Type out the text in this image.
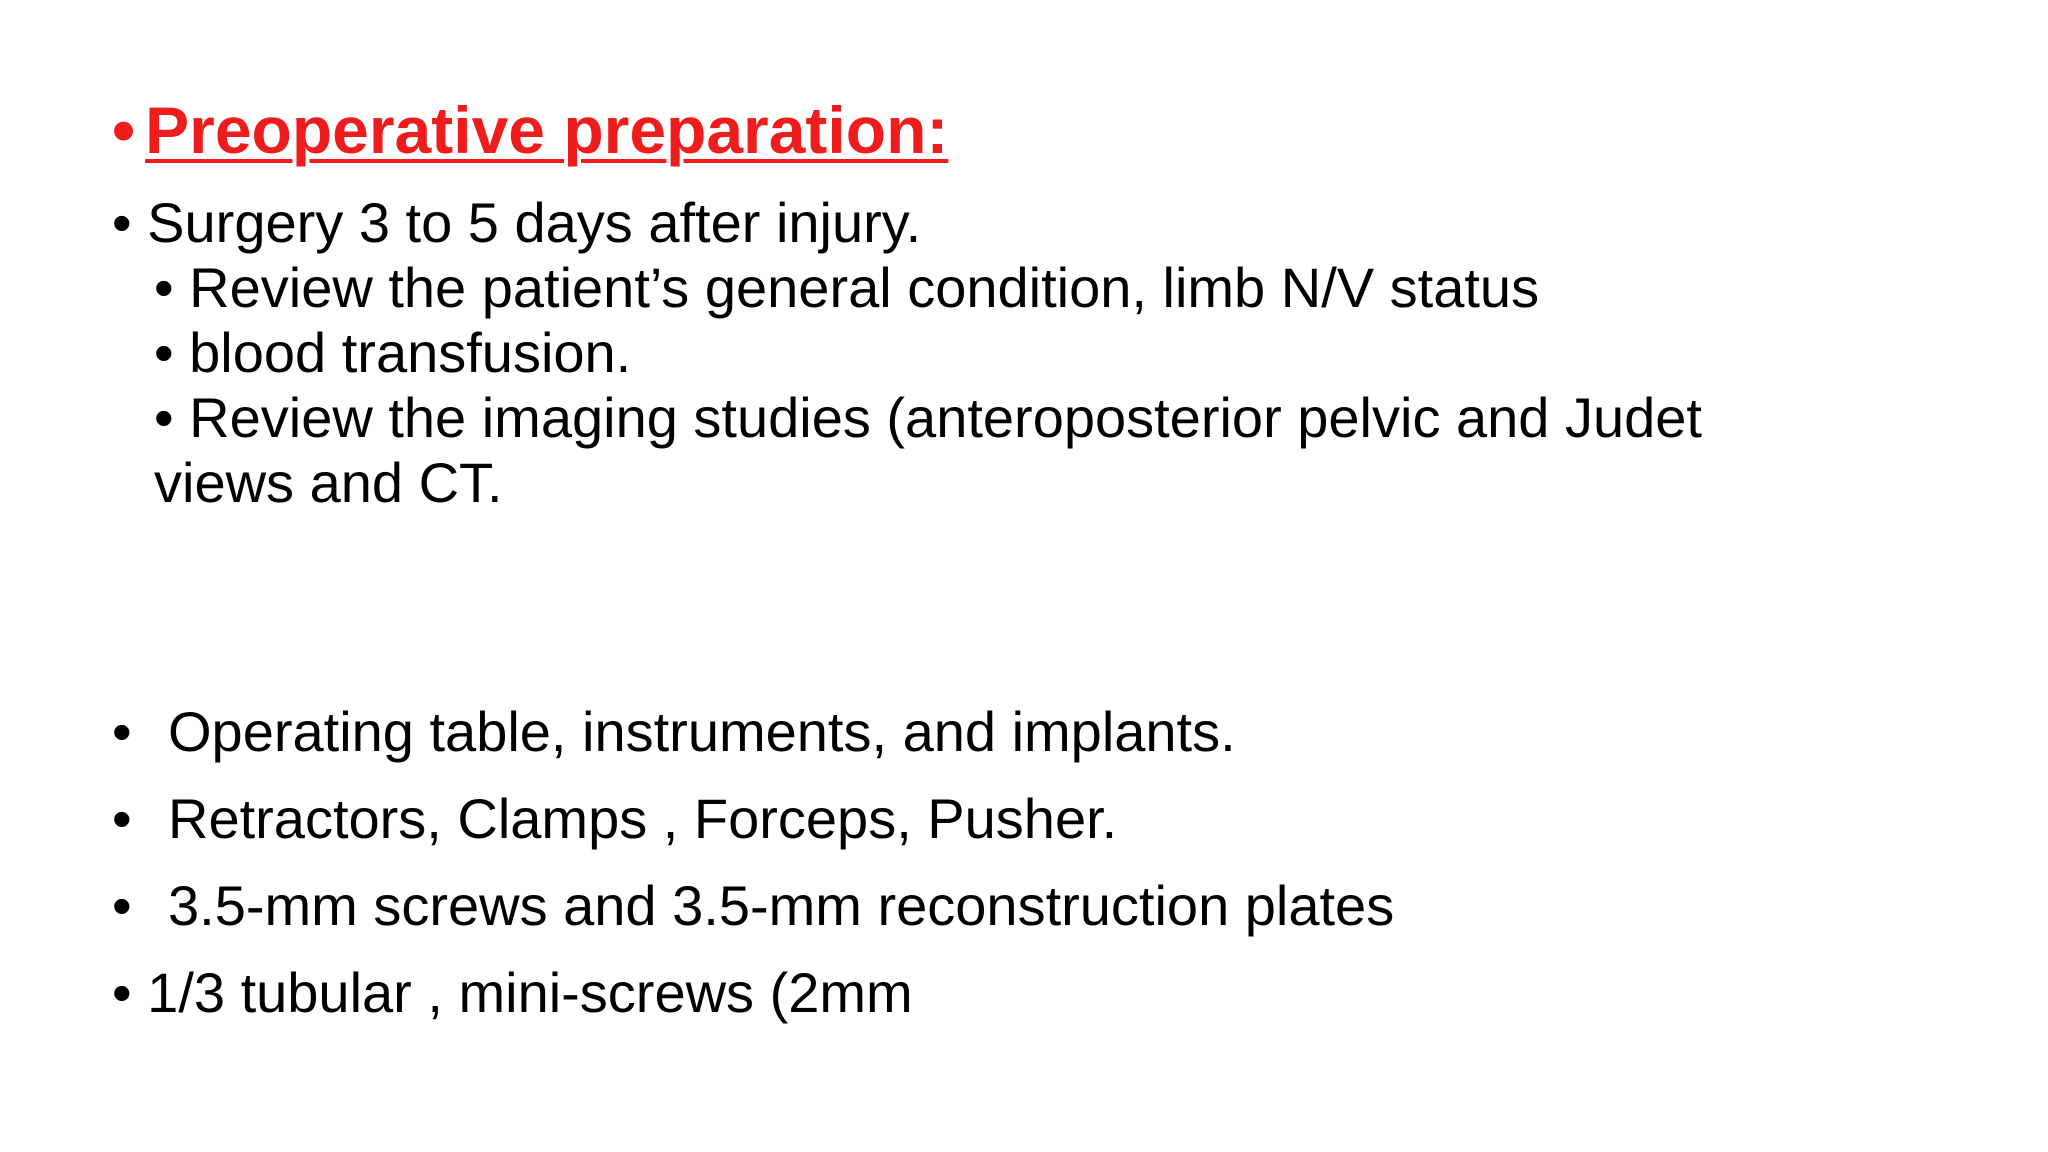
• Preoperative preparation:
• Surgery 3 to 5 days after injury.
• Review the patient’s general condition, limb N/V status
• blood transfusion.
• Review the imaging studies (anteroposterior pelvic and Judet
views and CT.
• Operating table, instruments, and implants.
• Retractors, Clamps , Forceps, Pusher.
• 3.5-mm screws and 3.5-mm reconstruction plates
• 1/3 tubular , mini-screws (2mm
